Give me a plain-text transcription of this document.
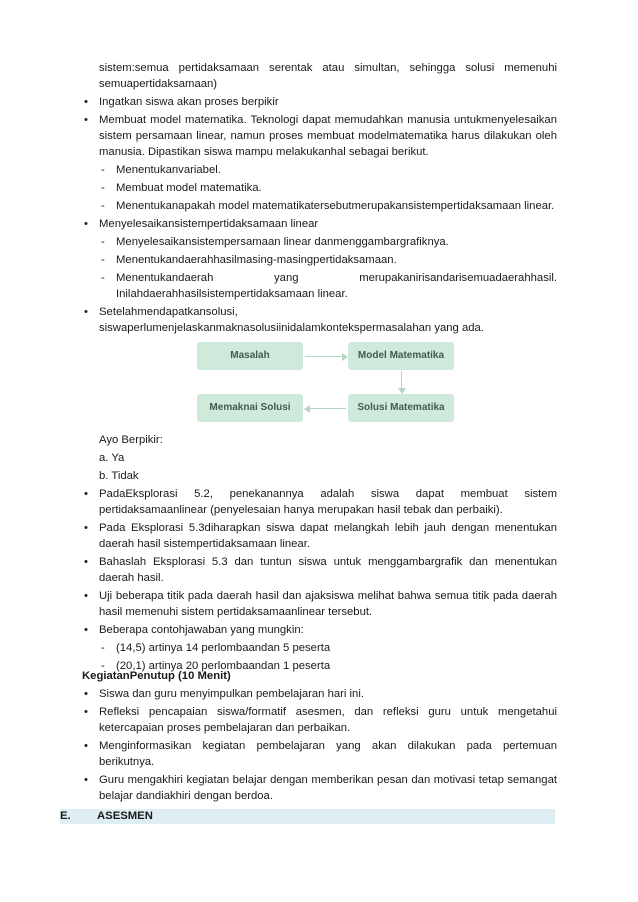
sistem:semua pertidaksamaan serentak atau simultan, sehingga solusi memenuhi semuapertidaksamaan)
• Ingatkan siswa akan proses berpikir
• Membuat model matematika. Teknologi dapat memudahkan manusia untukmenyelesaikan sistem persamaan linear, namun proses membuat modelmatematika harus dilakukan oleh manusia. Dipastikan siswa mampu melakukanhal sebagai berikut.
- Menentukanvariabel.
- Membuat model matematika.
- Menentukanapakah model matematikatersebutmerupakansistempertidaksamaan linear.
• Menyelesaikansistempertidaksamaan linear
- Menyelesaikansistempersamaan linear danmenggambargrafiknya.
- Menentukandaerahhasilmasing-masingpertidaksamaan.
- Menentukandaerah yang merupakanirisandarisemuadaerahhasil. Inilahdaerahhasilsistempertidaksamaan linear.
• Setelahmendapatkansolusi, siswaperlumenjelaskanmaknasolusiinidalamkontekspermasalahan yang ada.
Masalah	Model Matematika
Solusi Matematika
Memaknai Solusi
Ayo Berpikir:
a. Ya
b. Tidak
• PadaEksplorasi 5.2, penekanannya adalah siswa dapat membuat sistem pertidaksamaanlinear (penyelesaian hanya merupakan hasil tebak dan perbaiki).
• Pada Eksplorasi 5.3diharapkan siswa dapat melangkah lebih jauh dengan menentukan daerah hasil sistempertidaksamaan linear.
• Bahaslah Eksplorasi 5.3 dan tuntun siswa untuk menggambargrafik dan menentukan daerah hasil.
• Uji beberapa titik pada daerah hasil dan ajaksiswa melihat bahwa semua titik pada daerah hasil memenuhi sistem pertidaksamaanlinear tersebut.
• Beberapa contohjawaban yang mungkin:
- (14,5) artinya 14 perlombaandan 5 peserta
- (20,1) artinya 20 perlombaandan 1 peserta
KegiatanPenutup (10 Menit)
• Siswa dan guru menyimpulkan pembelajaran hari ini.
• Refleksi pencapaian siswa/formatif asesmen, dan refleksi guru untuk mengetahui ketercapaian proses pembelajaran dan perbaikan.
• Menginformasikan kegiatan pembelajaran yang akan dilakukan pada pertemuan berikutnya.
• Guru mengakhiri kegiatan belajar dengan memberikan pesan dan motivasi tetap semangat belajar dandiakhiri dengan berdoa.
E. ASESMEN
